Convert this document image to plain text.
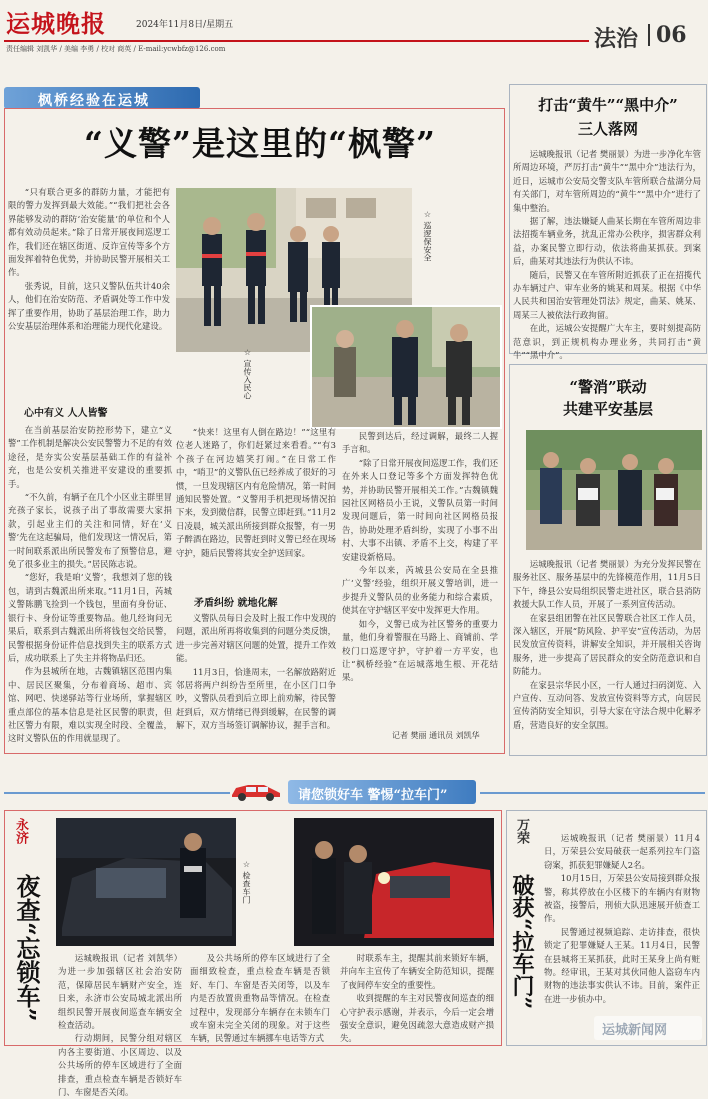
运城晚报	2024年11月8日/星期五
法治 06
责任编辑 刘凯华 / 美编 李勇 / 校对 商英 / E-mail:ycwbfz@126.com
枫桥经验在运城
“义警”是这里的“枫警”

“只有联合更多的群防力量，才能把有限的警力发挥到最大效能。”“我们把社会各界能够发动的群防‘治安能量’的单位和个人都有效动员起来。”除了日常开展夜间巡逻工作，我们还在辖区街道、反诈宣传等多个方面发挥着特色优势，并协助民警开展相关工作。

张秀说，目前，这只义警队伍共计40余人，他们在治安防范、矛盾调处等工作中发挥了重要作用，协助了基层治理工作，助力公安基层治理体系和治理能力现代化建设。

☆ 巡逻保安全
☆ 宣传入民心
心中有义 人人皆警

在当前基层治安防控形势下，建立“义警”工作机制是解决公安民警警力不足的有效途径，是夯实公安基层基础工作的有益补充，也是公安机关推进平安建设的重要抓手。

“不久前，有辆子在几个小区业主群里冒充孩子家长，说孩子出了事故需要大家捐款，引起业主们的关注和同情，好在‘义警’先在这起骗局，他们发现这一情况后，第一时间联系派出所民警发布了预警信息，避免了很多业主的损失。”居民陈志说。

“您好，我是咱‘义警’，我想刘了您的钱包，请到古魏派出所来取。”11月1日，芮城义警陈鹏飞捡到一个钱包，里面有身份证、银行卡、身份证等重要物品。他几经询问无果后，联系到古魏派出所将钱包交给民警，民警根据身份证件信息找到失主的联系方式后，成功联系上了失主并将物品归还。

作为县城所在地，古魏镇辖区范围内集中、居民区聚集，分布着商场、超市、宾馆、网吧、快递驿站等行业场所，掌握辖区重点部位的基本信息是社区民警的职责，但社区警力有限，难以实现全时段、全覆盖，这时义警队伍的作用就显现了。

“快来！这里有人倒在路边！”“这里有位老人迷路了，你们赶紧过来看看。”“有3个孩子在河边嬉笑打闹。”在日常工作中，“哨卫”的义警队伍已经养成了很好的习惯，一旦发现辖区内有危险情况，第一时间通知民警处置。“义警用手机把现场情况拍下来，发到微信群，民警立即赶到。”11月2日凌晨，城关派出所接到群众报警，有一男子醉酒在路边，民警赶到时义警已经在现场守护，随后民警将其安全护送回家。

矛盾纠纷 就地化解

义警队员每日会及时上报工作中发现的问题，派出所再将收集到的问题分类反馈，进一步完善对辖区问题的处置，提升工作效能。

11月3日，恰逢周末，一名解放路附近邻居将两户纠纷告至所里，在小区门口争吵，义警队员看到后立即上前劝解，待民警赶到后，双方情绪已得到缓解，在民警的调解下，双方当场签订调解协议，握手言和。

民警到达后，经过调解，最终二人握手言和。

“除了日常开展夜间巡逻工作，我们还在外来人口登记等多个方面发挥特色优势，并协助民警开展相关工作。”古魏镇魏园社区网格员小王说，义警队员第一时间发现问题后，第一时间向社区网格员报告，协助处理矛盾纠纷，实现了小事不出村、大事不出镇、矛盾不上交，构建了平安建设新格局。

今年以来，芮城县公安局在全县推广‘义警’经验，组织开展义警培训，进一步提升义警队员的业务能力和综合素质，使其在守护辖区平安中发挥更大作用。

如今，义警已成为社区警务的重要力量，他们身着警服在马路上、商铺前、学校门口巡逻守护，守护着一方平安，也让“枫桥经验”在运城落地生根、开花结果。

记者 樊丽 通讯员 刘凯华
打击“黄牛”“黑中介”
三人落网

运城晚报讯（记者 樊丽景）为进一步净化车管所周边环境，严厉打击“黄牛”“黑中介”违法行为，近日，运城市公安局交警支队车管所联合盐湖分局有关部门，对车管所周边的“黄牛”“黑中介”进行了集中整治。

据了解，违法嫌疑人曲某长期在车管所周边非法招揽车辆业务，扰乱正常办公秩序，损害群众利益，办案民警立即行动，依法将曲某抓获。到案后，曲某对其违法行为供认不讳。

随后，民警又在车管所附近抓获了正在招揽代办车辆过户、审车业务的姚某和周某。根据《中华人民共和国治安管理处罚法》规定，曲某、姚某、周某三人被依法行政拘留。

在此，运城公安提醒广大车主，要时刻提高防范意识，到正规机构办理业务，共同打击“黄牛”“黑中介”。

“警消”联动
共建平安基层

运城晚报讯（记者 樊丽景）为充分发挥民警在服务社区、服务基层中的先锋模范作用，11月5日下午，绛县公安局组织民警走进社区，联合县消防救援大队工作人员，开展了一系列宣传活动。

在家县组团警在社区民警联合社区工作人员，深入辖区，开展“防风险、护平安”宣传活动，为居民发放宣传资料，讲解安全知识，并开展相关咨询服务，进一步提高了居民群众的安全防范意识和自防能力。

在家县宗华民小区，一行人通过扫码浏览、入户宣传、互动问答、发放宣传资料等方式，向居民宣传消防安全知识，引导大家在守法合规中化解矛盾，营造良好的安全氛围。

请您锁好车 警惕“拉车门”
永济
夜查“忘锁车”	☆ 检查车门

运城晚报讯（记者 刘凯华）为进一步加强辖区社会治安防范，保障居民车辆财产安全，连日来，永济市公安局城北派出所组织民警开展夜间巡查车辆安全检查活动。

行动期间，民警分组对辖区内各主要街道、小区周边、以及公共场所的停车区域进行了全面排查，重点检查车辆是否锁好车门、车窗是否关闭。

及公共场所的停车区域进行了全面细致检查，重点检查车辆是否锁好、车门、车窗是否关闭等，以及车内是否放置贵重物品等情况。在检查过程中，发现部分车辆存在未锁车门或车窗未完全关闭的现象。对于这些车辆，民警通过车辆挪车电话等方式

时联系车主，提醒其前来锁好车辆，并向车主宣传了车辆安全防范知识，提醒了夜间停车安全的重要性。

收到提醒的车主对民警夜间巡查的细心守护表示感谢，并表示，今后一定会增强安全意识，避免因疏忽大意造成财产损失。

万荣
破获“拉车门”

运城晚报讯（记者 樊丽景）11月4日，万荣县公安局破获一起系列拉车门盗窃案，抓获犯罪嫌疑人2名。

10月15日，万荣县公安局接到群众报警，称其停放在小区楼下的车辆内有财物被盗，接警后，刑侦大队迅速展开侦查工作。

民警通过视频追踪、走访排查，很快锁定了犯罪嫌疑人王某。11月4日，民警在县城将王某抓获，此时王某身上尚有赃物。经审讯，王某对其伙同他人盗窃车内财物的违法事实供认不讳。目前，案件正在进一步侦办中。

运城新闻网
